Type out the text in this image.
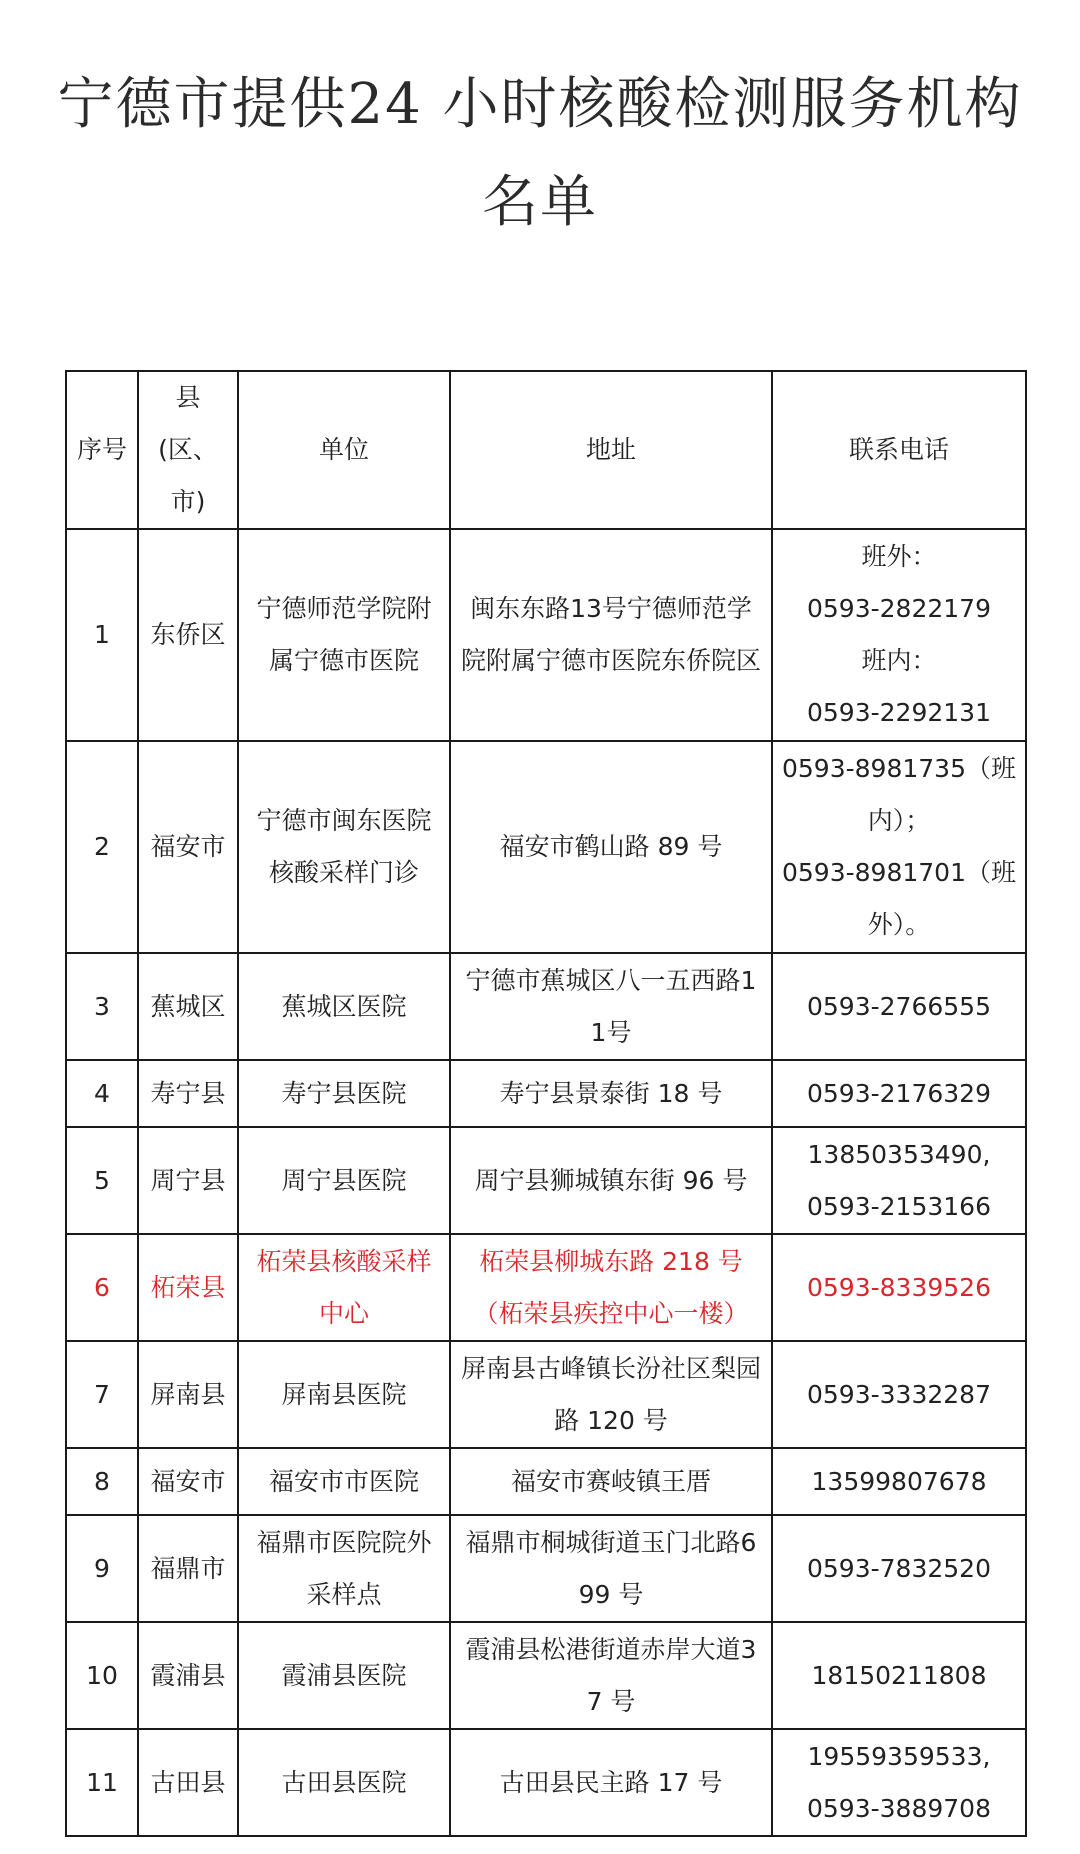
宁德市提供24 小时核酸检测服务机构
名单
序号	县(区、市)	单位	地址	联系电话
1	东侨区	宁德师范学院附属宁德市医院	闽东东路13号宁德师范学院附属宁德市医院东侨院区	班外：
0593-2822179
班内：
0593-2292131
2	福安市	宁德市闽东医院核酸采样门诊	福安市鹤山路 89 号	0593-8981735（班内）；
0593-8981701（班外）。
3	蕉城区	蕉城区医院	宁德市蕉城区八一五西路11号	0593-2766555
4	寿宁县	寿宁县医院	寿宁县景泰街 18 号	0593-2176329
5	周宁县	周宁县医院	周宁县狮城镇东街 96 号	13850353490,
0593-2153166
6	柘荣县	柘荣县核酸采样中心	柘荣县柳城东路 218 号
（柘荣县疾控中心一楼）	0593-8339526
7	屏南县	屏南县医院	屏南县古峰镇长汾社区梨园路 120 号	0593-3332287
8	福安市	福安市市医院	福安市赛岐镇王厝	13599807678
9	福鼎市	福鼎市医院院外采样点	福鼎市桐城街道玉门北路699 号	0593-7832520
10	霞浦县	霞浦县医院	霞浦县松港街道赤岸大道37 号	18150211808
11	古田县	古田县医院	古田县民主路 17 号	19559359533,
0593-3889708
